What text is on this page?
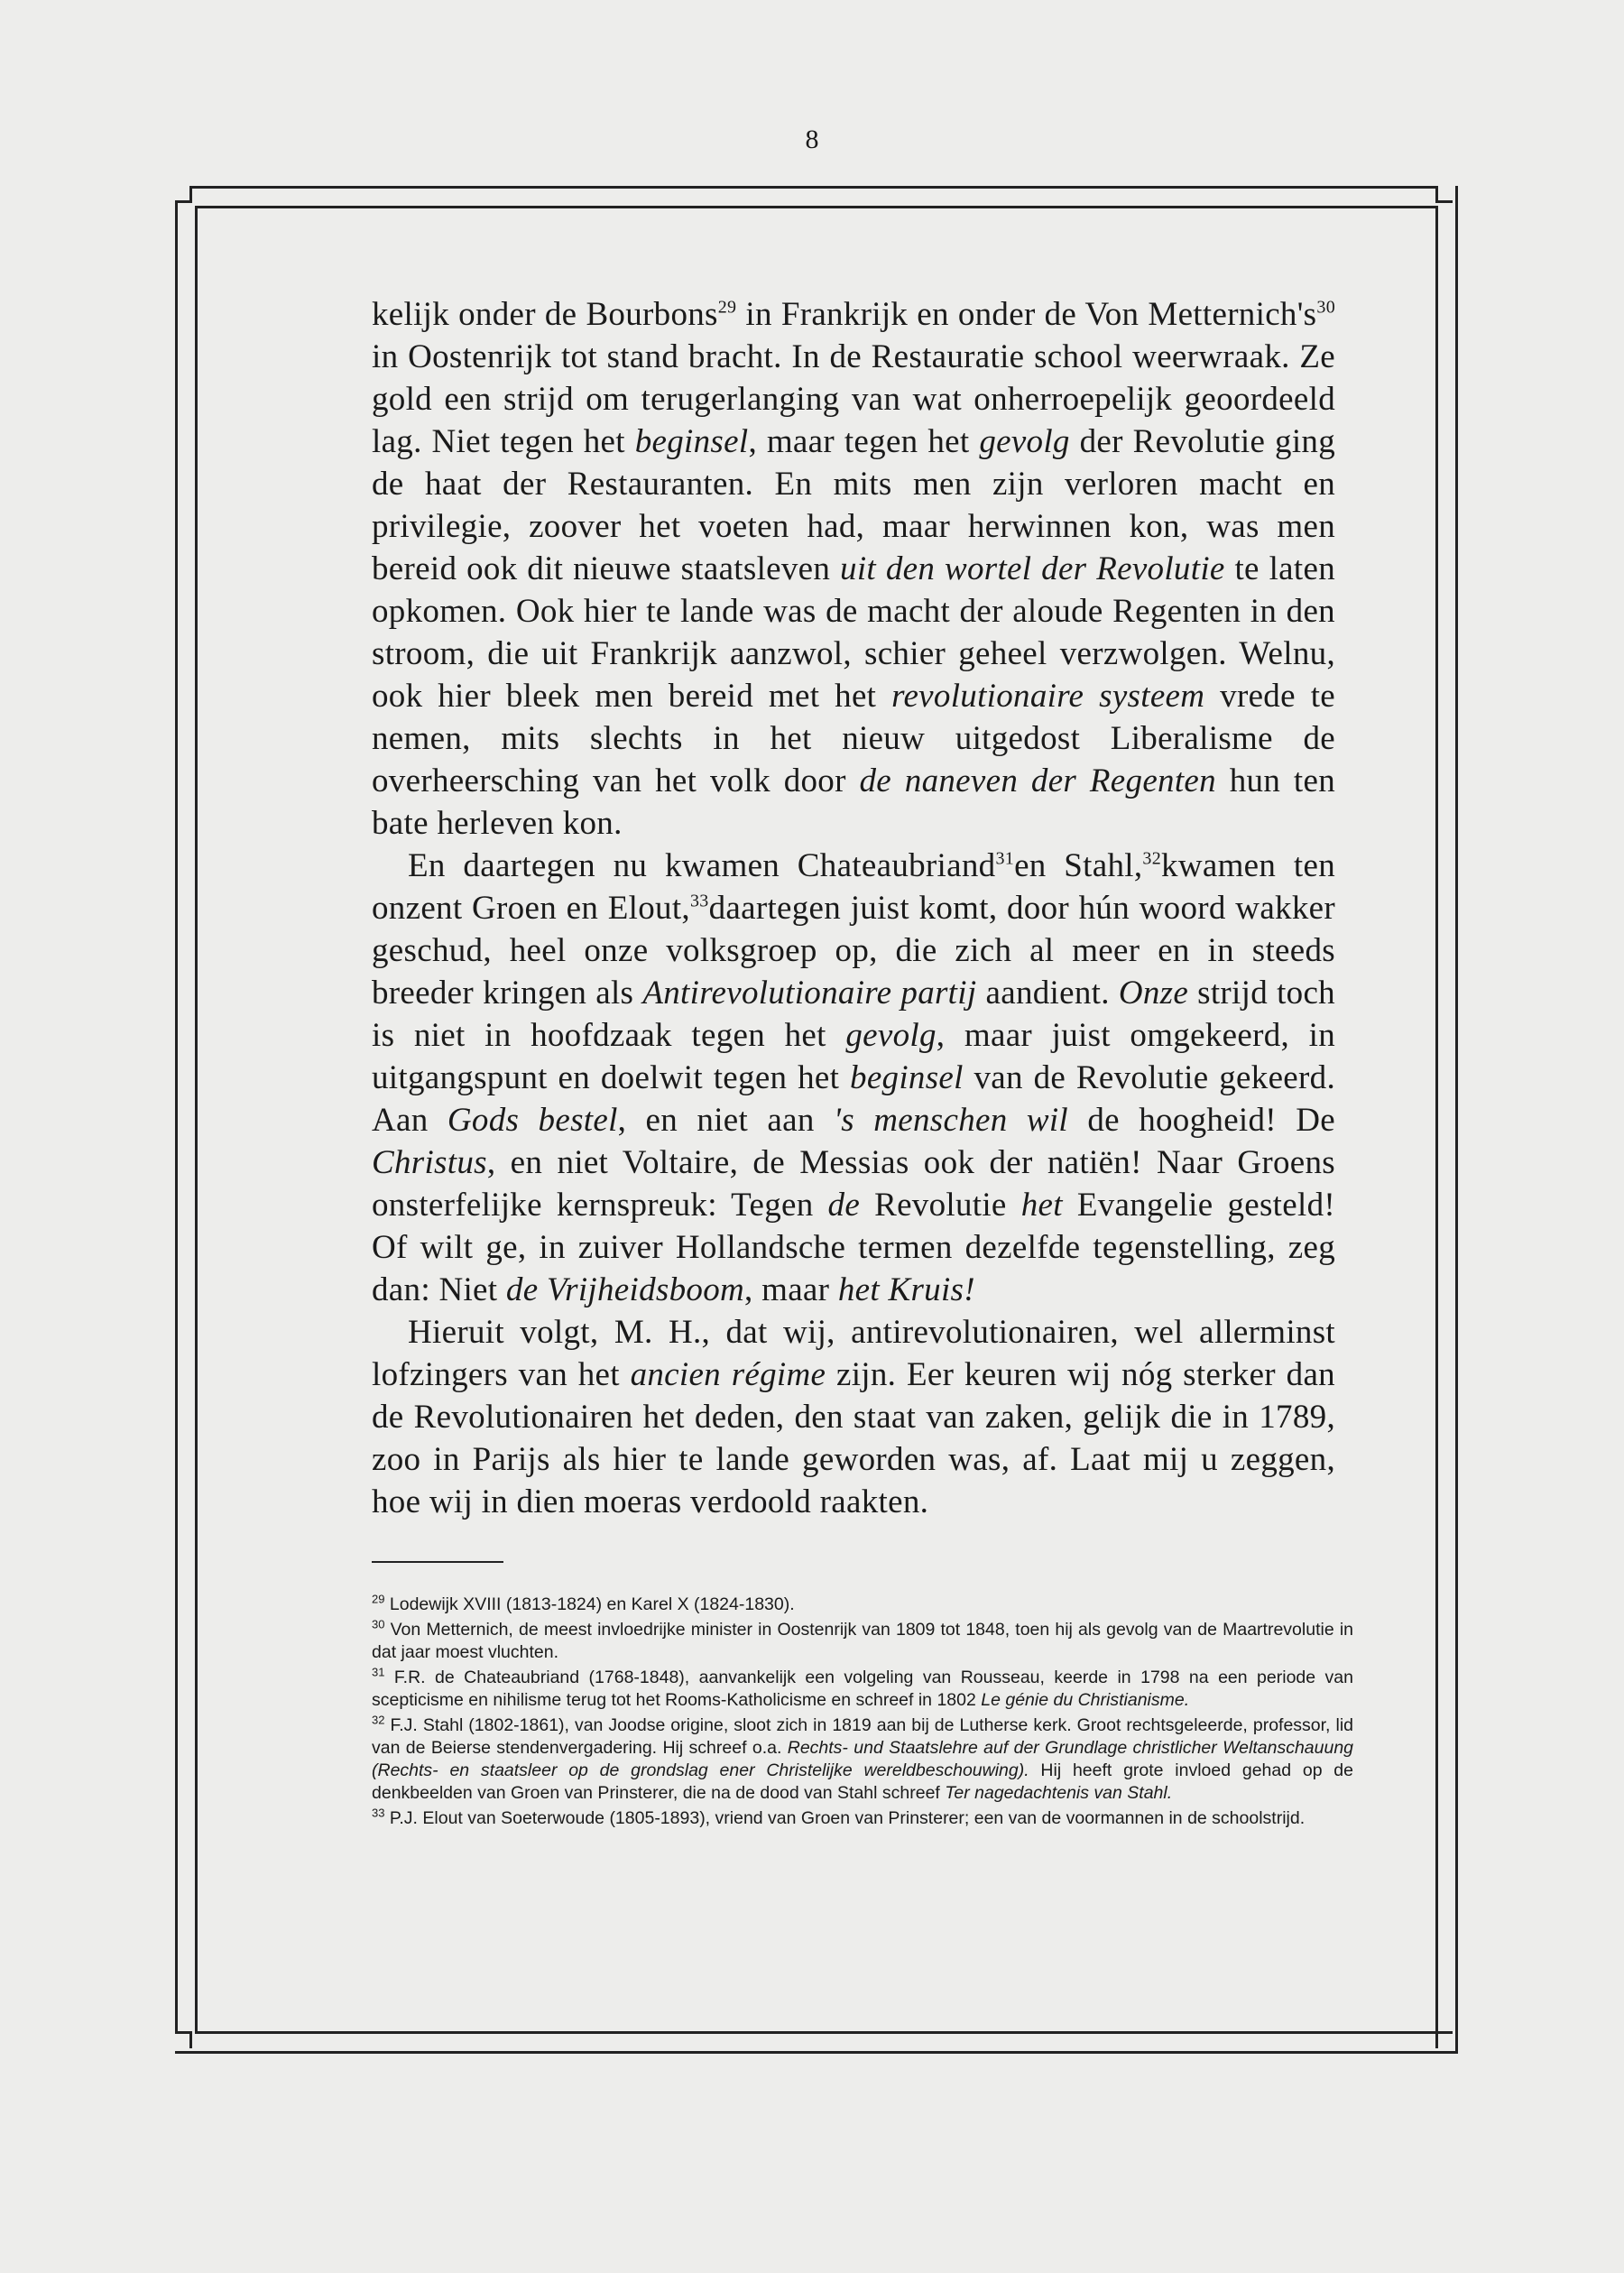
8

kelijk onder de Bourbons$^{29}$ in Frankrijk en onder de Von $Metternich's^{30}$ in Oostenrijk tot stand bracht. In de Restauratie school weerwraak. Ze gold een strijd om terugerlanging van wat onherroepelijk geoordeeld lag. Niet tegen het beginsel, maar tegen het gevolg der Revolutie ging de haat der Restauranten. En mits men zijn verloren macht en privilegie, zoover het voeten had, maar herwinnen kon, was men bereid ook dit nieuwe staatsleven uit den wortel der Revolutie te laten opkomen. Ook hier te lande was de macht der aloude Regenten in den stroom, die uit Frankrijk aanzwol, schier geheel verzwolgen. Welnu, ook hier bleek men bereid met het revolutionaire systeem vrede te nemen, mits slechts in het nieuw uitgedost Liberalisme de overheersching van het volk door de naneven der Regenten hun ten bate herleven kon.

En daartegen nu kwamen Chateaubriand$^{31}$en Stahl,$^{32}$kwamen ten onzent Groen en Elout,$^{33}$daartegen juist komt, door hún woord wakker geschud, heel onze volksgroep op, die zich al meer en in steeds breeder kringen als Antirevolutionaire partij aandient. Onze strijd toch is niet in hoofdzaak tegen het gevolg, maar juist omgekeerd, in uitgangspunt en doelwit tegen het beginsel van de Revolutie gekeerd. Aan Gods bestel, en niet aan 's menschen wil de hoogheid! De Christus, en niet Voltaire, de Messias ook der natiën! Naar Groens onsterfelijke kernspreuk: Tegen de Revolutie het Evangelie gesteld! Of wilt ge, in zuiver Hollandsche termen dezelfde tegenstelling, zeg dan: Niet de Vrijheidsboom, maar het Kruis!

Hieruit volgt, M. H., dat wij, antirevolutionairen, wel allerminst lofzingers van het ancien régime zijn. Eer keuren wij nóg sterker dan de Revolutionairen het deden, den staat van zaken, gelijk die in 1789, zoo in Parijs als hier te lande geworden was, af. Laat mij u zeggen, hoe wij in dien moeras verdoold raakten.

$^{29}$ Lodewijk XVIII (1813-1824) en Karel X (1824-1830).

$^{30}$ Von Metternich, de meest invloedrijke minister in Oostenrijk van 1809 tot 1848, toen hij als gevolg van de Maartrevolutie in dat jaar moest vluchten.

$^{31}$ F.R. de Chateaubriand (1768-1848), aanvankelijk een volgeling van Rousseau, keerde in 1798 na een periode van scepticisme en nihilisme terug tot het Rooms-Katholicisme en schreef in 1802 Le génie du Christianisme.

$^{32}$ F.J. Stahl (1802-1861), van Joodse origine, sloot zich in 1819 aan bij de Lutherse kerk. Groot rechtsgeleerde, professor, lid van de Beierse stendenvergadering. Hij schreef o.a. Rechts- und Staatslehre auf der Grundlage christlicher Weltanschauung (Rechts- en staatsleer op de grondslag ener Christelijke wereldbeschouwing). Hij heeft grote invloed gehad op de denkbeelden van Groen van Prinsterer, die na de dood van Stahl schreef Ter nagedachtenis van Stahl.

$^{33}$ P.J. Elout van Soeterwoude (1805-1893), vriend van Groen van Prinsterer; een van de voormannen in de schoolstrijd.
